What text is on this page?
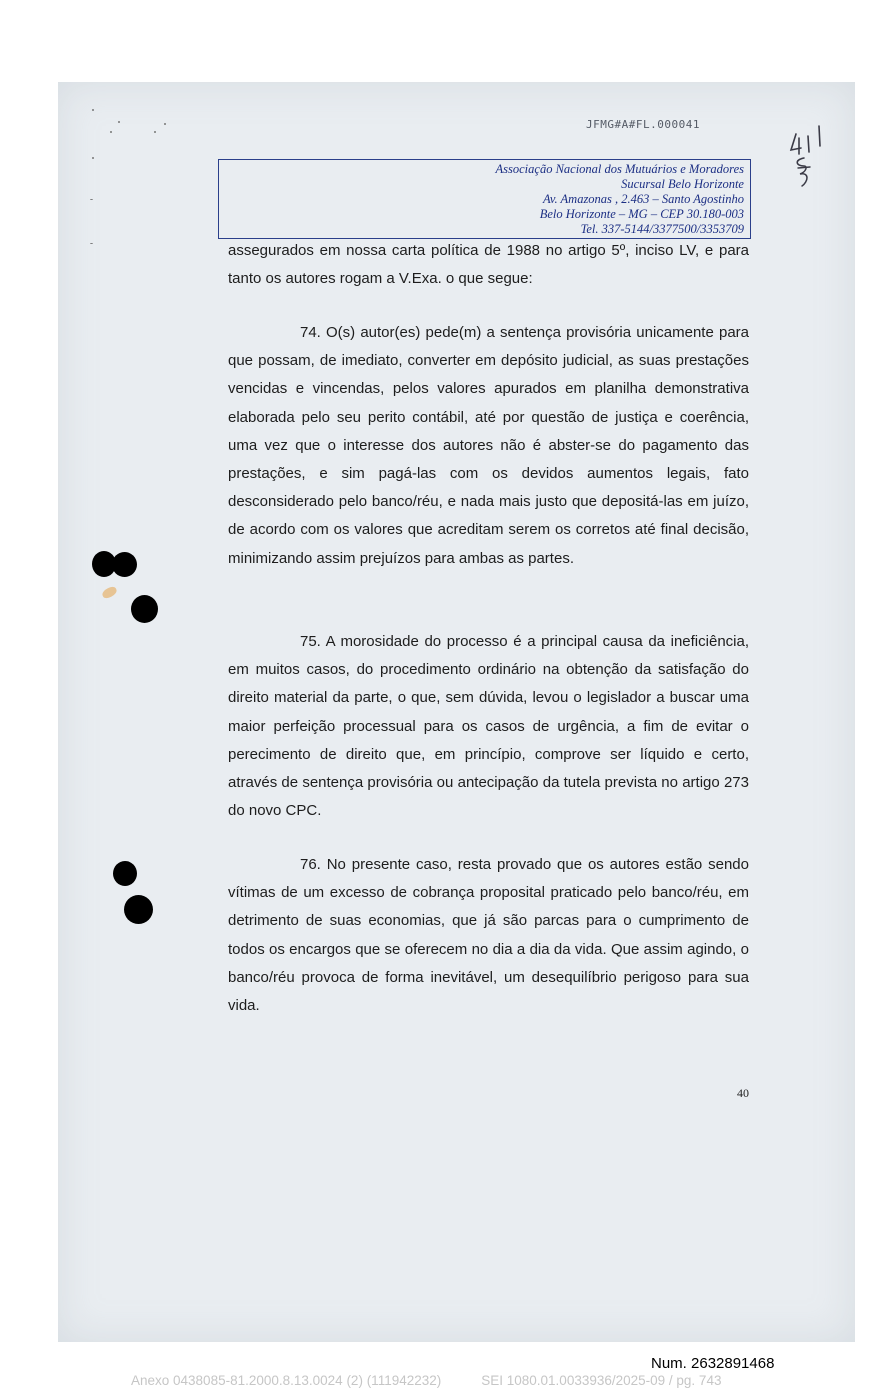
JFMG#A#FL.000041
Associação Nacional dos Mutuários e Moradores
Sucursal Belo Horizonte
Av. Amazonas , 2.463 – Santo Agostinho
Belo Horizonte – MG – CEP 30.180-003
Tel. 337-5144/3377500/3353709

assegurados em nossa carta política de 1988 no artigo 5º, inciso LV, e para tanto os autores rogam a V.Exa. o que segue:

74. O(s) autor(es) pede(m) a sentença provisória unicamente para que possam, de imediato, converter em depósito judicial, as suas prestações vencidas e vincendas, pelos valores apurados em planilha demonstrativa elaborada pelo seu perito contábil, até por questão de justiça e coerência, uma vez que o interesse dos autores não é abster-se do pagamento das prestações, e sim pagá-las com os devidos aumentos legais, fato desconsiderado pelo banco/réu, e nada mais justo que depositá-las em juízo, de acordo com os valores que acreditam serem os corretos até final decisão, minimizando assim prejuízos para ambas as partes.

75. A morosidade do processo é a principal causa da ineficiência, em muitos casos, do procedimento ordinário na obtenção da satisfação do direito material da parte, o que, sem dúvida, levou o legislador a buscar uma maior perfeição processual para os casos de urgência, a fim de evitar o perecimento de direito que, em princípio, comprove ser líquido e certo, através de sentença provisória ou antecipação da tutela prevista no artigo 273 do novo CPC.

76. No presente caso, resta provado que os autores estão sendo vítimas de um excesso de cobrança proposital praticado pelo banco/réu, em detrimento de suas economias, que já são parcas para o cumprimento de todos os encargos que se oferecem no dia a dia da vida. Que assim agindo, o banco/réu provoca de forma inevitável, um desequilíbrio perigoso para sua vida.

40
Num. 2632891468
Anexo 0438085-81.2000.8.13.0024 (2) (111942232)	SEI 1080.01.0033936/2025-09 / pg. 743
